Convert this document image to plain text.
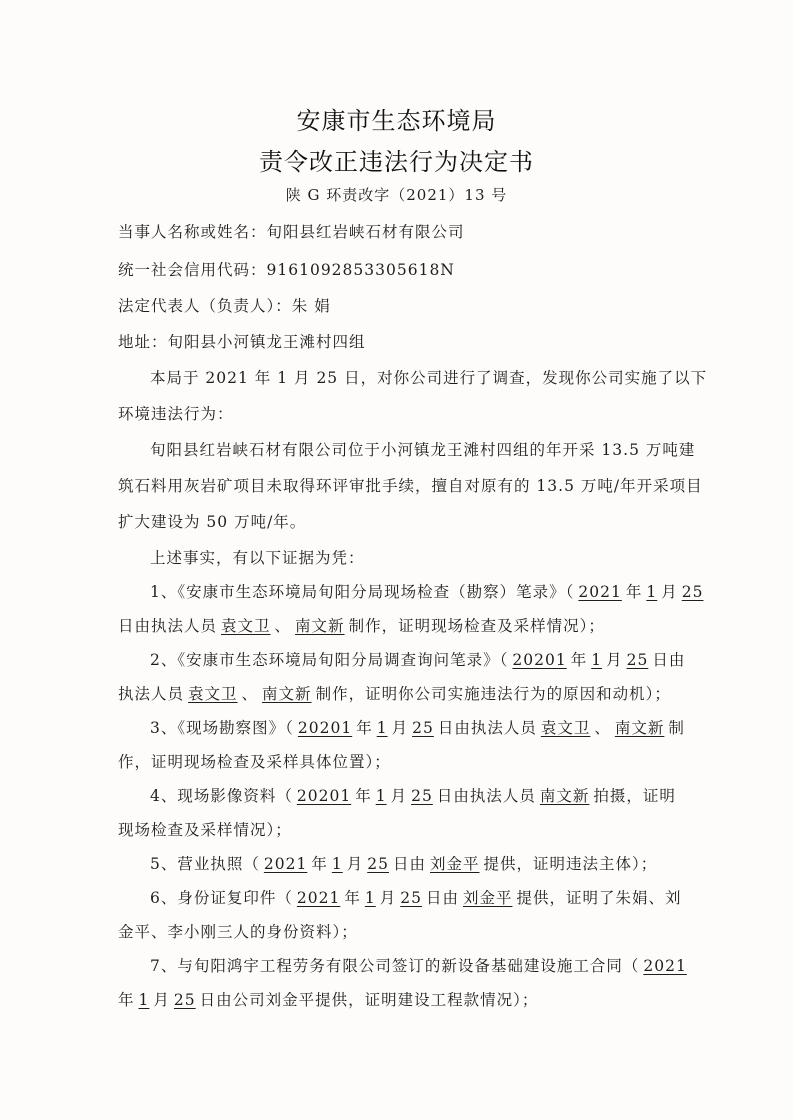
安康市生态环境局
责令改正违法行为决定书
陕 G 环责改字（2021）13 号
当事人名称或姓名：旬阳县红岩峡石材有限公司
统一社会信用代码：9161092853305618N
法定代表人（负责人）：朱 娟
地址：旬阳县小河镇龙王滩村四组
本局于 2021 年 1 月 25 日，对你公司进行了调查，发现你公司实施了以下
环境违法行为：
旬阳县红岩峡石材有限公司位于小河镇龙王滩村四组的年开采 13.5 万吨建
筑石料用灰岩矿项目未取得环评审批手续，擅自对原有的 13.5 万吨/年开采项目
扩大建设为 50 万吨/年。
上述事实，有以下证据为凭：
1、《安康市生态环境局旬阳分局现场检查（勘察）笔录》（ 2021 年 1 月 25
日由执法人员 袁文卫 、 南文新 制作，证明现场检查及采样情况）；
2、《安康市生态环境局旬阳分局调查询问笔录》（ 20201 年 1 月 25 日由
执法人员 袁文卫 、 南文新 制作，证明你公司实施违法行为的原因和动机）；
3、《现场勘察图》（ 20201 年 1 月 25 日由执法人员 袁文卫 、 南文新 制
作，证明现场检查及采样具体位置）；
4、现场影像资料（ 20201 年 1 月 25 日由执法人员 南文新 拍摄，证明
现场检查及采样情况）；
5、营业执照（ 2021 年 1 月 25 日由 刘金平 提供，证明违法主体）；
6、身份证复印件（ 2021 年 1 月 25 日由 刘金平 提供，证明了朱娟、刘
金平、李小刚三人的身份资料）；
7、与旬阳鸿宇工程劳务有限公司签订的新设备基础建设施工合同（ 2021
年 1 月 25 日由公司刘金平提供，证明建设工程款情况）；
